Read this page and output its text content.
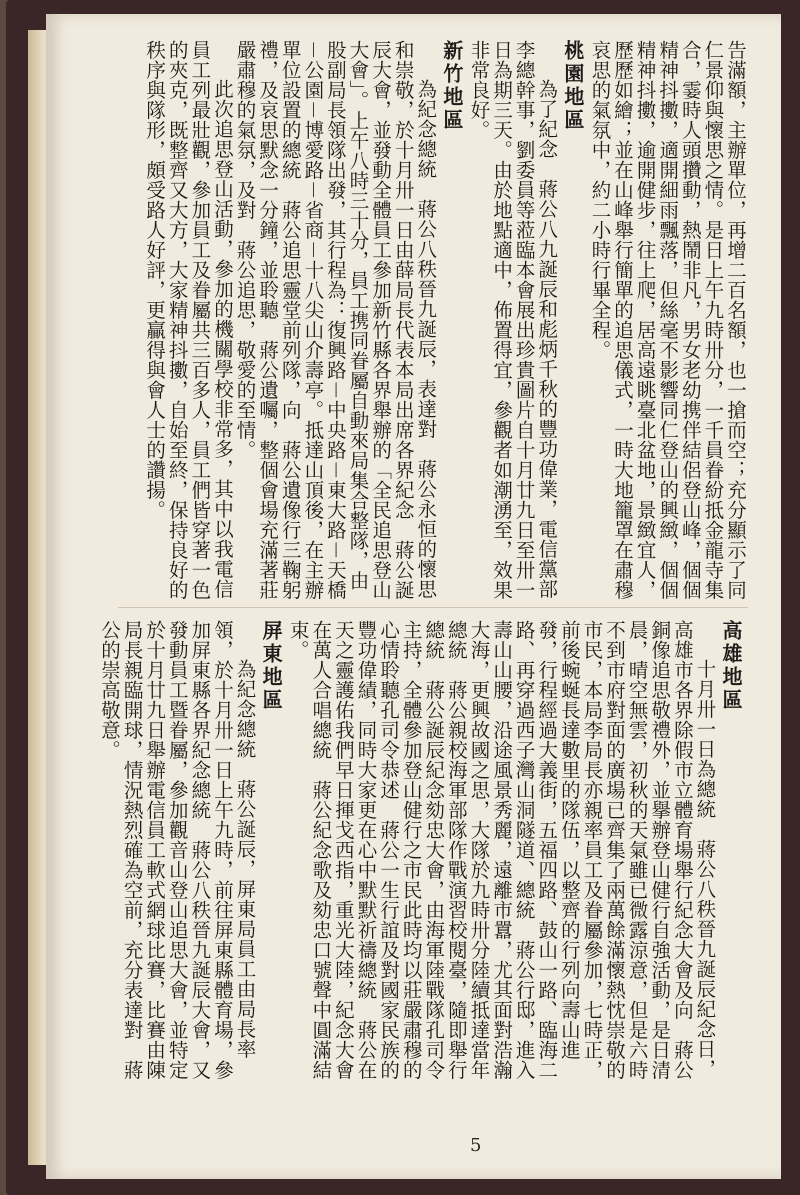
告滿額，主辦單位，再增二百名額，也一搶而空；充分顯示了同仁景仰與懷思之情。是日上午九時卅分，一千員眷紛抵金龍寺集合，霎時人頭攢動，熱鬧非凡，男女老幼携伴結侶登山峰，個個精神抖擻，適開細雨飄落，但絲毫不影響同仁登山的興緻，個個精神抖擻，逾開健步，往上爬，居高遠眺臺北盆地，景緻宜人，歷歷如繪；並在山峰舉行簡單的追思儀式，一時大地籠罩在肅穆哀思的氣氛中，約二小時行畢全程。

桃園地區

為了紀念　蔣公八九誕辰和彪炳千秋的豐功偉業，電信黨部李總幹事，劉委員等蒞臨本會展出珍貴圖片自十月廿九日至卅一日為期三天。由於地點適中，佈置得宜，參觀者如潮湧至，效果非常良好。

新竹地區

為紀念總統　蔣公八秩晉九誕辰，表達對　蔣公永恒的懷思和崇敬，於十月卅一日由薛局長代表本局出席各界紀念　蔣公誕辰大會，並發動全體員工參加新竹縣各界舉辦的「全民追思登山大會」。上午八時三十分，員工携同眷屬自動來局集合整隊，由股副局長領隊出發，其行程為：復興路－中央路－東大路－天橋－公園－博愛路－省商－十八尖山介壽亭。抵達山頂後，在主辦單位設置的總統　蔣公追思靈堂前列隊，向　蔣公遺像行三鞠躬禮，及哀思默念一分鐘，並聆聽　蔣公遺囑，整個會場充滿著莊嚴肅穆的氣氛，及對　蔣公追思，敬愛的至情。

此次追思登山活動，參加的機關學校非常多，其中以我電信員工列最壯觀，參加員工及眷屬共三百多人，員工們皆穿著一色的夾克，既整齊又大方，大家精神抖擻，自始至終，保持良好的秩序與隊形，頗受路人好評，更贏得與會人士的讚揚。

高雄地區

十月卅一日為總統　蔣公八秩晉九誕辰紀念日，高雄市各界除假市立體育場舉行紀念大會及向　蔣公銅像追思敬禮外，並擧辦登山健行自強活動，是日清晨，晴空無雲，初秋的天氣雖已微露涼意，但是六時不到市府對面的廣場已齊集了兩萬餘滿懷熱忱崇敬的市民，本局李局長亦親率員工及眷屬參加，七時正，前後蜿蜒長達數里的隊伍，以整齊的行列向壽山進發，行程經過大義街，五福四路、鼓山一路、臨海二路、再穿過西子灣山洞隧道、總統　蔣公行邸，進入壽山山腰，沿途風景秀麗，遠離市囂，尤其面對浩瀚大海，更興故國之思，大隊於九時卅分陸續抵達當年總統　蔣公親校海軍部隊作戰演習校閱臺，隨即舉行總統　蔣公誕辰紀念劾忠大會，由海軍陸戰隊孔司令主持，全體參加登山健行之市民此時均以莊嚴肅穆的心情聆聽孔司令恭述　蔣公一生行誼及對國家民族的豐功偉績，同時大家更在心中默默祈禱總統　蔣公在天之靈護佑我們早日揮戈西指，重光大陸，紀念大會在萬人合唱總統　蔣公紀念歌及劾忠口號聲中圓滿結束。

屏東地區

為紀念總統　蔣公誕辰，屏東局員工由局長率領，於十月卅一日上午九時，前往屏東縣體育場，參加屏東縣各界紀念總統　蔣公八秩晉九誕辰大會，又發動員工暨眷屬，參加觀音山登山追思大會，並特定於十月廿九日舉辦電信員工軟式網球比賽，比賽由陳局長親臨開球，情況熱烈確為空前，充分表達對　蔣公的崇高敬意。

5
